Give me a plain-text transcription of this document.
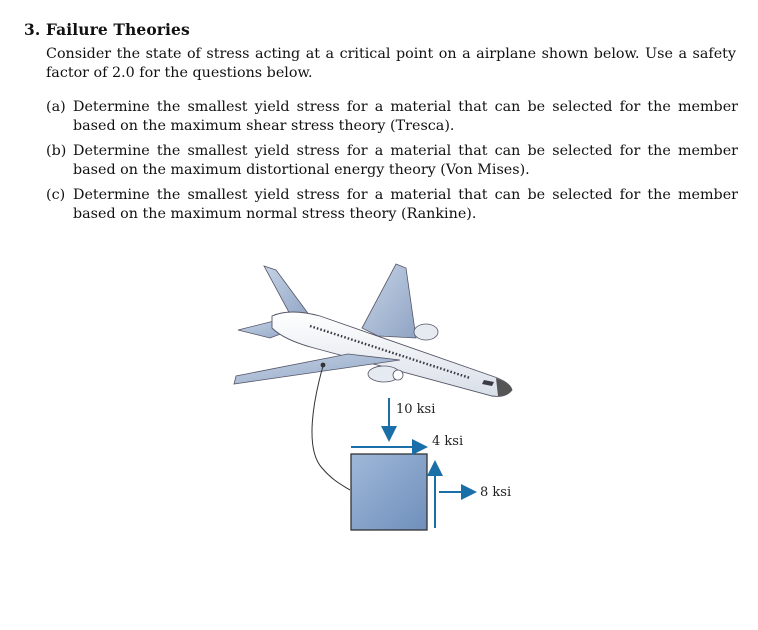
3. Failure Theories
Consider the state of stress acting at a critical point on a airplane shown below. Use a safety factor of 2.0 for the questions below.
(a) Determine the smallest yield stress for a material that can be selected for the member based on the maximum shear stress theory (Tresca).
(b) Determine the smallest yield stress for a material that can be selected for the member based on the maximum distortional energy theory (Von Mises).
(c) Determine the smallest yield stress for a material that can be selected for the member based on the maximum normal stress theory (Rankine).
10 ksi
4 ksi
8 ksi
